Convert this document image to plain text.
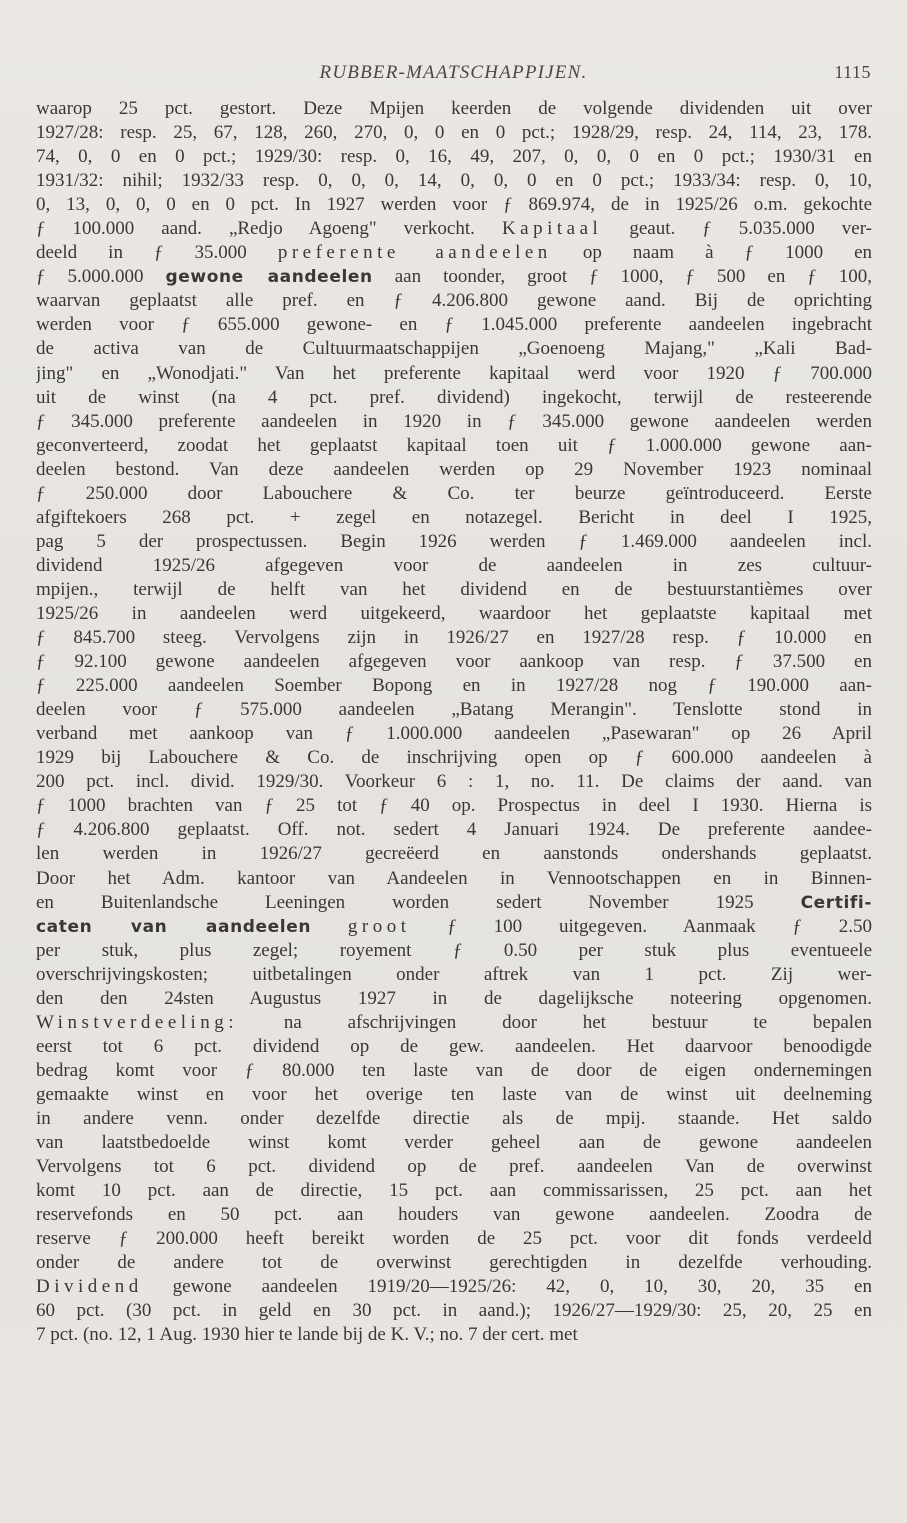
RUBBER-MAATSCHAPPIJEN.	1115
waarop 25 pct. gestort. Deze Mpijen keerden de volgende dividenden uit over
1927/28: resp. 25, 67, 128, 260, 270, 0, 0 en 0 pct.; 1928/29, resp. 24, 114, 23, 178.
74, 0, 0 en 0 pct.; 1929/30: resp. 0, 16, 49, 207, 0, 0, 0 en 0 pct.; 1930/31 en
1931/32: nihil; 1932/33 resp. 0, 0, 0, 14, 0, 0, 0 en 0 pct.; 1933/34: resp. 0, 10,
0, 13, 0, 0, 0 en 0 pct. In 1927 werden voor ƒ 869.974, de in 1925/26 o.m. gekochte
ƒ 100.000 aand. „Redjo Agoeng" verkocht. Kapitaal geaut. ƒ 5.035.000 ver-
deeld in ƒ 35.000 preferente aandeelen op naam à ƒ 1000 en
ƒ 5.000.000 gewone aandeelen aan toonder, groot ƒ 1000, ƒ 500 en ƒ 100,
waarvan geplaatst alle pref. en ƒ 4.206.800 gewone aand. Bij de oprichting
werden voor ƒ 655.000 gewone- en ƒ 1.045.000 preferente aandeelen ingebracht
de activa van de Cultuurmaatschappijen „Goenoeng Majang," „Kali Bad-
jing" en „Wonodjati." Van het preferente kapitaal werd voor 1920 ƒ 700.000
uit de winst (na 4 pct. pref. dividend) ingekocht, terwijl de resteerende
ƒ 345.000 preferente aandeelen in 1920 in ƒ 345.000 gewone aandeelen werden
geconverteerd, zoodat het geplaatst kapitaal toen uit ƒ 1.000.000 gewone aan-
deelen bestond. Van deze aandeelen werden op 29 November 1923 nominaal
ƒ 250.000 door Labouchere & Co. ter beurze geïntroduceerd. Eerste
afgiftekoers 268 pct. + zegel en notazegel. Bericht in deel I 1925,
pag 5 der prospectussen. Begin 1926 werden ƒ 1.469.000 aandeelen incl.
dividend 1925/26 afgegeven voor de aandeelen in zes cultuur-
mpijen., terwijl de helft van het dividend en de bestuurstantièmes over
1925/26 in aandeelen werd uitgekeerd, waardoor het geplaatste kapitaal met
ƒ 845.700 steeg. Vervolgens zijn in 1926/27 en 1927/28 resp. ƒ 10.000 en
ƒ 92.100 gewone aandeelen afgegeven voor aankoop van resp. ƒ 37.500 en
ƒ 225.000 aandeelen Soember Bopong en in 1927/28 nog ƒ 190.000 aan-
deelen voor ƒ 575.000 aandeelen „Batang Merangin". Tenslotte stond in
verband met aankoop van ƒ 1.000.000 aandeelen „Pasewaran" op 26 April
1929 bij Labouchere & Co. de inschrijving open op ƒ 600.000 aandeelen à
200 pct. incl. divid. 1929/30. Voorkeur 6 : 1, no. 11. De claims der aand. van
ƒ 1000 brachten van ƒ 25 tot ƒ 40 op. Prospectus in deel I 1930. Hierna is
ƒ 4.206.800 geplaatst. Off. not. sedert 4 Januari 1924. De preferente aandee-
len werden in 1926/27 gecreëerd en aanstonds ondershands geplaatst.
Door het Adm. kantoor van Aandeelen in Vennootschappen en in Binnen-
en Buitenlandsche Leeningen worden sedert November 1925	Certifi-
caten van aandeelen groot ƒ 100 uitgegeven. Aanmaak ƒ 2.50
per stuk, plus zegel; royement ƒ 0.50 per stuk plus eventueele
overschrijvingskosten; uitbetalingen onder aftrek van 1 pct. Zij wer-
den den 24sten Augustus 1927 in de dagelijksche noteering opgenomen.
Winstverdeeling: na afschrijvingen door het bestuur te bepalen
eerst tot 6 pct. dividend op de gew. aandeelen. Het daarvoor benoodigde
bedrag komt voor ƒ 80.000 ten laste van de door de eigen ondernemingen
gemaakte winst en voor het overige ten laste van de winst uit deelneming
in andere venn. onder dezelfde directie als de mpij. staande. Het saldo
van laatstbedoelde winst komt verder geheel aan de gewone aandeelen
Vervolgens tot 6 pct. dividend op de pref. aandeelen Van de overwinst
komt 10 pct. aan de directie, 15 pct. aan commissarissen, 25 pct. aan het
reservefonds en 50 pct. aan houders van gewone aandeelen. Zoodra de
reserve ƒ 200.000 heeft bereikt worden de 25 pct. voor dit fonds verdeeld
onder de andere tot de overwinst gerechtigden in dezelfde verhouding.
Dividend gewone aandeelen 1919/20—1925/26: 42, 0, 10, 30, 20, 35 en
60 pct. (30 pct. in geld en 30 pct. in aand.); 1926/27—1929/30: 25, 20, 25 en
7 pct. (no. 12, 1 Aug. 1930 hier te lande bij de K. V.; no. 7 der cert. met
